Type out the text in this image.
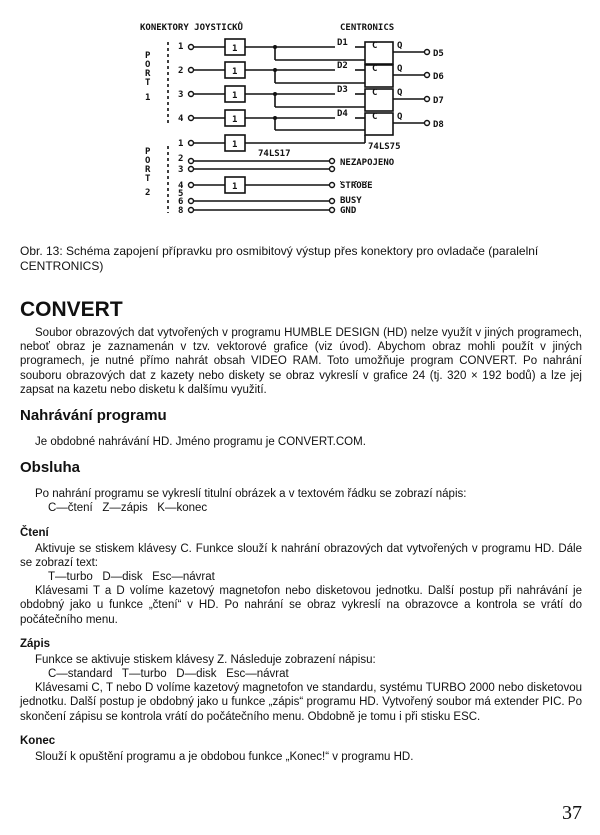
KONEKTORY JOYSTICKŮ	CENTRONICS
P
O
R
T
1
P
O
R
T
2
1
2
3
4
1
2
3
4
5
6
8
1
1
1
1
1
1
D1
D2
D3
D4
C
C
C
C
Q
Q
Q
Q
D5
D6
D7
D8
74LS17
74LS75
NEZAPOJENO
STROBE
BUSY
GND
Obr. 13: Schéma zapojení přípravku pro osmibitový výstup přes konektory pro ovladače (paralelní CENTRONICS)
CONVERT

Soubor obrazových dat vytvořených v programu HUMBLE DESIGN (HD) nelze využít v jiných programech, neboť obraz je zaznamenán v tzv. vektorové grafice (viz úvod). Abychom obraz mohli použít v jiných programech, je nutné přímo nahrát obsah VIDEO RAM. Toto umožňuje program CONVERT. Po nahrání souboru obrazových dat z kazety nebo diskety se obraz vykreslí v grafice 24 (tj. 320 × 192 bodů) a lze jej zapsat na kazetu nebo disketu k dalšímu využití.

Nahrávání programu

Je obdobné nahrávání HD. Jméno programu je CONVERT.COM.

Obsluha

Po nahrání programu se vykreslí titulní obrázek a v textovém řádku se zobrazí nápis:

C—čtení   Z—zápis   K—konec
Čtení

Aktivuje se stiskem klávesy C. Funkce slouží k nahrání obrazových dat vytvořených v programu HD. Dále se zobrazí text:

T—turbo   D—disk   Esc—návrat

Klávesami T a D volíme kazetový magnetofon nebo disketovou jednotku. Další postup při nahrávání je obdobný jako u funkce „čtení“ v HD. Po nahrání se obraz vykreslí na obrazovce a kontrola se vrátí do počátečního menu.

Zápis

Funkce se aktivuje stiskem klávesy Z. Následuje zobrazení nápisu:

C—standard   T—turbo   D—disk   Esc—návrat

Klávesami C, T nebo D volíme kazetový magnetofon ve standardu, systému TURBO 2000 nebo disketovou jednotku. Další postup je obdobný jako u funkce „zápis“ programu HD. Vytvořený soubor má extender PIC. Po skončení zápisu se kontrola vrátí do počátečního menu. Obdobně je tomu i při stisku ESC.

Konec

Slouží k opuštění programu a je obdobou funkce „Konec!“ v programu HD.

37
